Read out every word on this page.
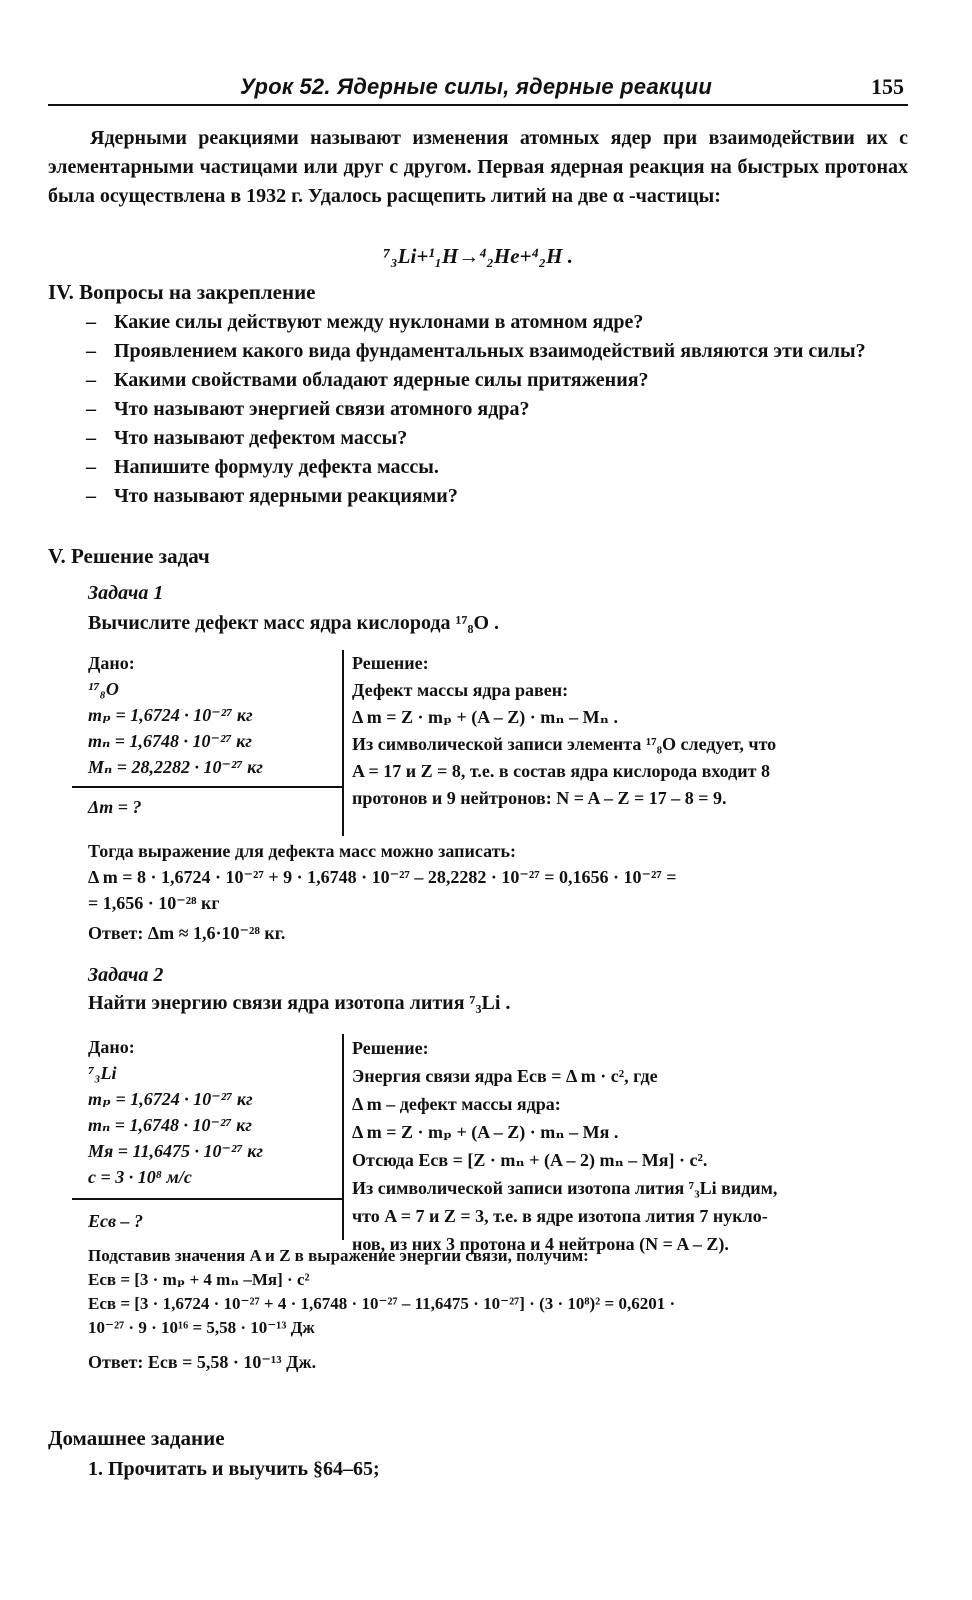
Урок 52. Ядерные силы, ядерные реакции	155
Ядерными реакциями называют изменения атомных ядер при взаимодействии их с элементарными частицами или друг с другом. Первая ядерная реакция на быстрых протонах была осуществлена в 1932 г. Удалось расщепить литий на две α -частицы:
⁷₃Li+¹₁H→⁴₂He+⁴₂H .
IV. Вопросы на закрепление
– Какие силы действуют между нуклонами в атомном ядре?
– Проявлением какого вида фундаментальных взаимодействий являются эти силы?
– Какими свойствами обладают ядерные силы притяжения?
– Что называют энергией связи атомного ядра?
– Что называют дефектом массы?
– Напишите формулу дефекта массы.
– Что называют ядерными реакциями?
V. Решение задач
Задача 1
Вычислите дефект масс ядра кислорода ¹⁷₈O .
Дано:
¹⁷₈O
mₚ = 1,6724 · 10⁻²⁷ кг
mₙ = 1,6748 · 10⁻²⁷ кг
Mₙ = 28,2282 · 10⁻²⁷ кг
Δm = ?
Решение:
Дефект массы ядра равен:
Δ m = Z · mₚ + (A – Z) · mₙ – Mₙ .
Из символической записи элемента ¹⁷₈O следует, что
A = 17 и Z = 8, т.е. в состав ядра кислорода входит 8
протонов и 9 нейтронов: N = A – Z = 17 – 8 = 9.
Тогда выражение для дефекта масс можно записать:
Δ m = 8 · 1,6724 · 10⁻²⁷ + 9 · 1,6748 · 10⁻²⁷ – 28,2282 · 10⁻²⁷ = 0,1656 · 10⁻²⁷ =
= 1,656 · 10⁻²⁸ кг
Ответ: Δm ≈ 1,6·10⁻²⁸ кг.
Задача 2
Найти энергию связи ядра изотопа лития ⁷₃Li .
Дано:
⁷₃Li
mₚ = 1,6724 · 10⁻²⁷ кг
mₙ = 1,6748 · 10⁻²⁷ кг
Mя = 11,6475 · 10⁻²⁷ кг
c = 3 · 10⁸ м/с
Eсв – ?
Решение:
Энергия связи ядра Eсв = Δ m · c², где
Δ m – дефект массы ядра:
Δ m = Z · mₚ + (A – Z) · mₙ – Mя .
Отсюда Eсв = [Z · mₙ + (A – 2) mₙ – Mя] · c².
Из символической записи изотопа лития ⁷₃Li видим,
что A = 7 и Z = 3, т.е. в ядре изотопа лития 7 нукло-
нов, из них 3 протона и 4 нейтрона (N = A – Z).
Подставив значения A и Z в выражение энергии связи, получим:
Eсв = [3 · mₚ + 4 mₙ –Mя] · c²
Eсв = [3 · 1,6724 · 10⁻²⁷ + 4 · 1,6748 · 10⁻²⁷ – 11,6475 · 10⁻²⁷] · (3 · 10⁸)² = 0,6201 ·
10⁻²⁷ · 9 · 10¹⁶ = 5,58 · 10⁻¹³ Дж
Ответ: Eсв = 5,58 · 10⁻¹³ Дж.
Домашнее задание
1. Прочитать и выучить §64–65;
